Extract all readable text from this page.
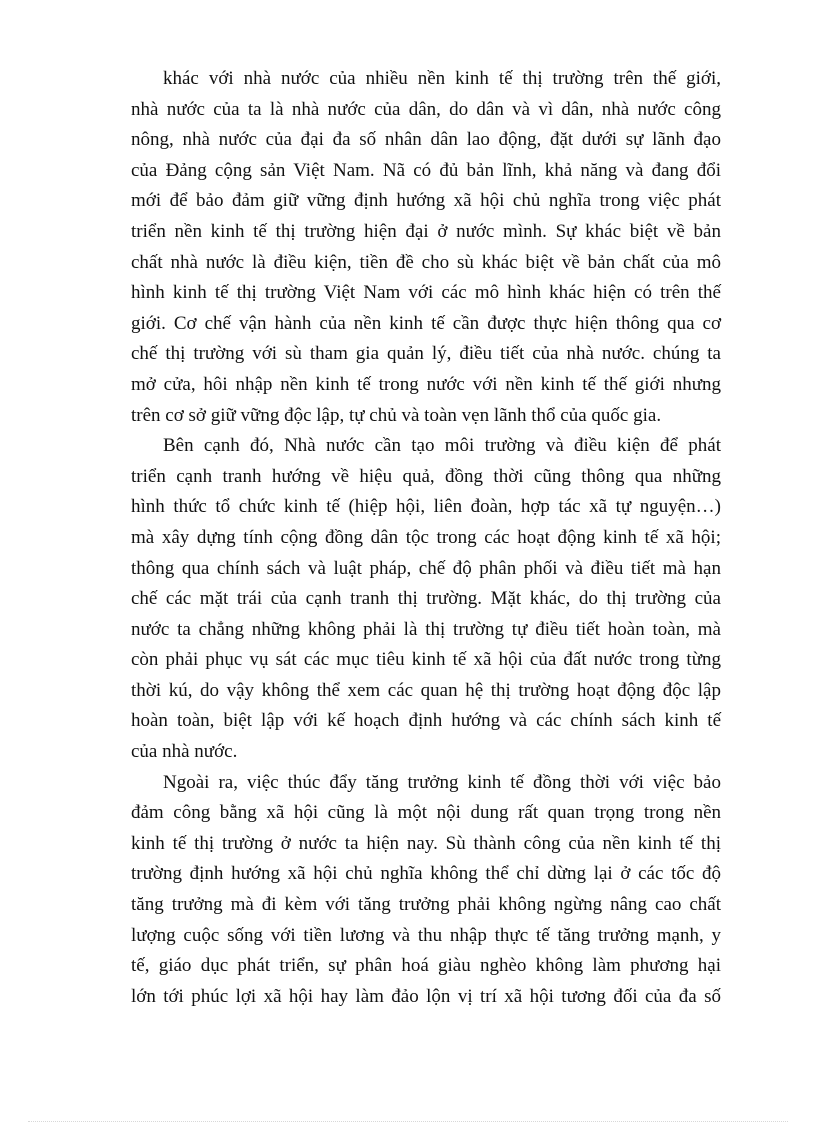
khác với nhà nước của nhiều nền kinh tế thị trường trên thế giới,
nhà nước của ta là nhà nước của dân, do dân và vì dân, nhà nước công
nông, nhà nước của đại đa số nhân dân lao động, đặt dưới sự lãnh đạo
của Đảng cộng sản Việt Nam. Nã có đủ bản lĩnh, khả năng và đang đổi
mới để bảo đảm giữ vững định hướng xã hội chủ nghĩa trong việc phát
triển nền kinh tế thị trường hiện đại ở nước mình. Sự khác biệt về bản
chất nhà nước là điều kiện, tiền đề cho sù khác biệt về bản chất của mô
hình kinh tế thị trường Việt Nam với các mô hình khác hiện có trên thế
giới. Cơ chế vận hành của nền kinh tế cần được thực hiện thông qua cơ
chế thị trường với sù tham gia quản lý, điều tiết của nhà nước. chúng ta
mở cửa, hôi nhập nền kinh tế trong nước với nền kinh tế thế giới nhưng
trên cơ sở giữ vững độc lập, tự chủ và toàn vẹn lãnh thổ của quốc gia.
Bên cạnh đó, Nhà nước cần tạo môi trường và điều kiện để phát
triển cạnh tranh hướng về hiệu quả, đồng thời cũng thông qua những
hình thức tổ chức kinh tế (hiệp hội, liên đoàn, hợp tác xã tự nguyện…)
mà xây dựng tính cộng đồng dân tộc trong các hoạt động kinh tế xã hội;
thông qua chính sách và luật pháp, chế độ phân phối và điều tiết mà hạn
chế các mặt trái của cạnh tranh thị trường. Mặt khác, do thị trường của
nước ta chẳng những không phải là thị trường tự điều tiết hoàn toàn, mà
còn phải phục vụ sát các mục tiêu kinh tế xã hội của đất nước trong từng
thời kú, do vậy không thể xem các quan hệ thị trường hoạt động độc lập
hoàn toàn, biệt lập với kế hoạch định hướng và các chính sách kinh tế
của nhà nước.
Ngoài ra, việc thúc đẩy tăng trưởng kinh tế đồng thời với việc bảo
đảm công bằng xã hội cũng là một nội dung rất quan trọng trong nền
kinh tế thị trường ở nước ta hiện nay. Sù thành công của nền kinh tế thị
trường định hướng xã hội chủ nghĩa không thể chỉ dừng lại ở các tốc độ
tăng trưởng mà đi kèm với tăng trưởng phải không ngừng nâng cao chất
lượng cuộc sống với tiền lương và thu nhập thực tế tăng trưởng mạnh, y
tế, giáo dục phát triển, sự phân hoá giàu nghèo không làm phương hại
lớn tới phúc lợi xã hội hay làm đảo lộn vị trí xã hội tương đối của đa số
